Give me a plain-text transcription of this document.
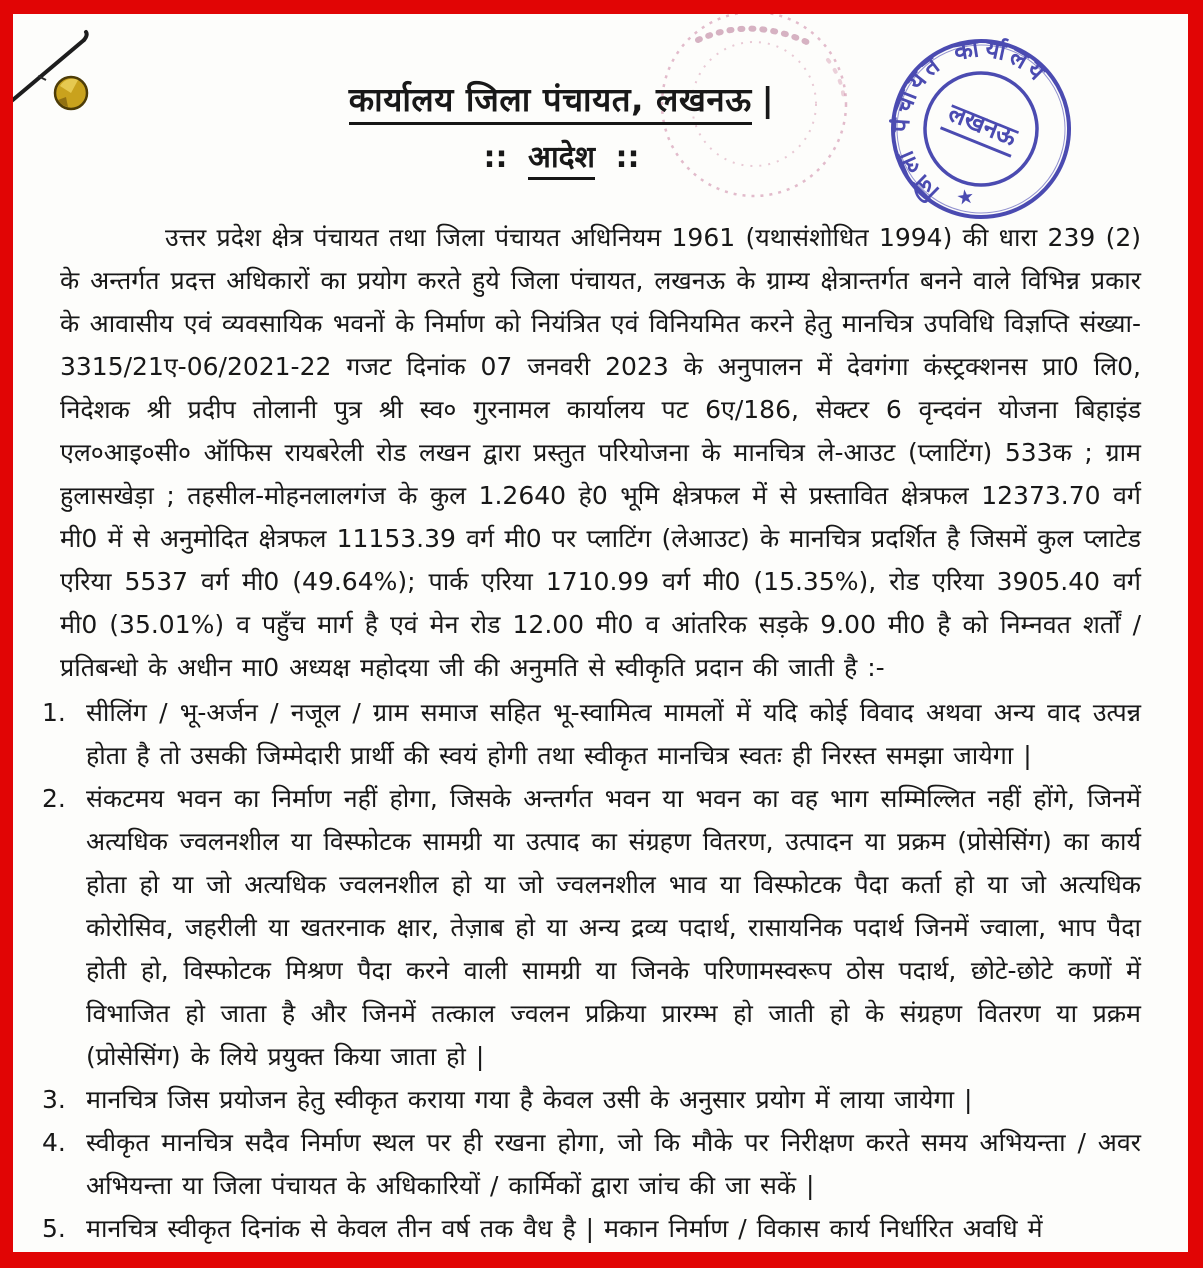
जिला पंचायत कार्यालय
लखनऊ
★
कार्यालय जिला पंचायत, लखनऊ |
:: आदेश ::

उत्तर प्रदेश क्षेत्र पंचायत तथा जिला पंचायत अधिनियम 1961 (यथासंशोधित 1994) की धारा 239 (2) के अन्तर्गत प्रदत्त अधिकारों का प्रयोग करते हुये जिला पंचायत, लखनऊ के ग्राम्य क्षेत्रान्तर्गत बनने वाले विभिन्न प्रकार के आवासीय एवं व्यवसायिक भवनों के निर्माण को नियंत्रित एवं विनियमित करने हेतु मानचित्र उपविधि विज्ञप्ति संख्या- 3315/21ए-06/2021-22 गजट दिनांक 07 जनवरी 2023 के अनुपालन में देवगंगा कंस्ट्रक्शनस प्रा0 लि0, निदेशक श्री प्रदीप तोलानी पुत्र श्री स्व० गुरनामल कार्यालय पट 6ए/186, सेक्टर 6 वृन्दवंन योजना बिहाइंड एल०आइ०सी० ऑफिस रायबरेली रोड लखन द्वारा प्रस्तुत परियोजना के मानचित्र ले-आउट (प्लाटिंग) 533क ; ग्राम हुलासखेड़ा ; तहसील-मोहनलालगंज के कुल 1.2640 हे0 भूमि क्षेत्रफल में से प्रस्तावित क्षेत्रफल 12373.70 वर्ग मी0 में से अनुमोदित क्षेत्रफल 11153.39 वर्ग मी0 पर प्लाटिंग (लेआउट) के मानचित्र प्रदर्शित है जिसमें कुल प्लाटेड एरिया 5537 वर्ग मी0 (49.64%); पार्क एरिया 1710.99 वर्ग मी0 (15.35%), रोड एरिया 3905.40 वर्ग मी0 (35.01%) व पहुँच मार्ग है एवं मेन रोड 12.00 मी0 व आंतरिक सड़के 9.00 मी0 है को निम्नवत शर्तों / प्रतिबन्धो के अधीन मा0 अध्यक्ष महोदया जी की अनुमति से स्वीकृति प्रदान की जाती है :-

1. सीलिंग / भू-अर्जन / नजूल / ग्राम समाज सहित भू-स्वामित्व मामलों में यदि कोई विवाद अथवा अन्य वाद उत्पन्न होता है तो उसकी जिम्मेदारी प्रार्थी की स्वयं होगी तथा स्वीकृत मानचित्र स्वतः ही निरस्त समझा जायेगा |
2. संकटमय भवन का निर्माण नहीं होगा, जिसके अन्तर्गत भवन या भवन का वह भाग सम्मिल्लित नहीं होंगे, जिनमें अत्यधिक ज्वलनशील या विस्फोटक सामग्री या उत्पाद का संग्रहण वितरण, उत्पादन या प्रक्रम (प्रोसेसिंग) का कार्य होता हो या जो अत्यधिक ज्वलनशील हो या जो ज्वलनशील भाव या विस्फोटक पैदा कर्ता हो या जो अत्यधिक कोरोसिव, जहरीली या खतरनाक क्षार, तेज़ाब हो या अन्य द्रव्य पदार्थ, रासायनिक पदार्थ जिनमें ज्वाला, भाप पैदा होती हो, विस्फोटक मिश्रण पैदा करने वाली सामग्री या जिनके परिणामस्वरूप ठोस पदार्थ, छोटे-छोटे कणों में विभाजित हो जाता है और जिनमें तत्काल ज्वलन प्रक्रिया प्रारम्भ हो जाती हो के संग्रहण वितरण या प्रक्रम (प्रोसेसिंग) के लिये प्रयुक्त किया जाता हो |
3. मानचित्र जिस प्रयोजन हेतु स्वीकृत कराया गया है केवल उसी के अनुसार प्रयोग में लाया जायेगा |
4. स्वीकृत मानचित्र सदैव निर्माण स्थल पर ही रखना होगा, जो कि मौके पर निरीक्षण करते समय अभियन्ता / अवर अभियन्ता या जिला पंचायत के अधिकारियों / कार्मिकों द्वारा जांच की जा सकें |
5. मानचित्र स्वीकृत दिनांक से केवल तीन वर्ष तक वैध है | मकान निर्माण / विकास कार्य निर्धारित अवधि में
